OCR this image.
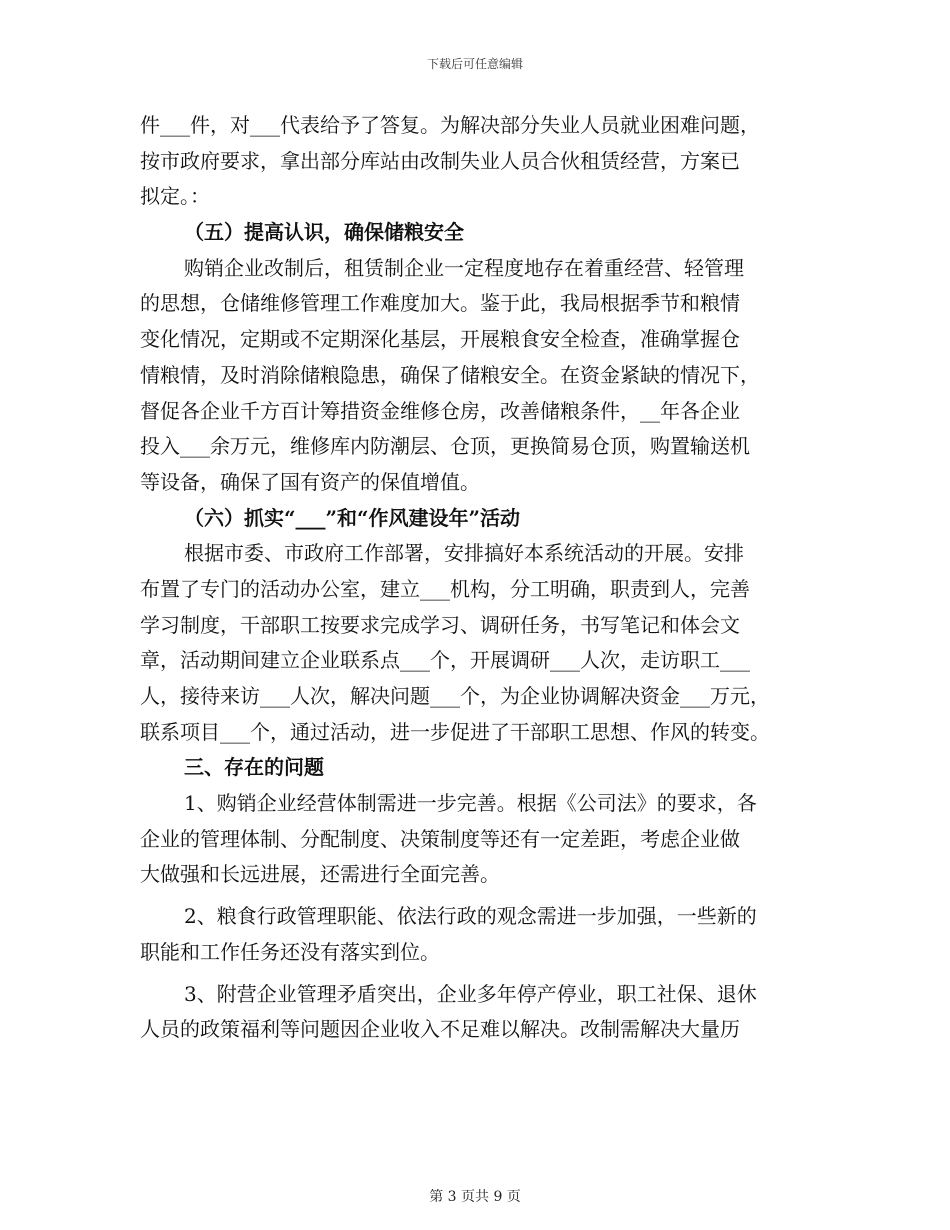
下载后可任意编辑
件___件，对___代表给予了答复。为解决部分失业人员就业困难问题，
按市政府要求，拿出部分库站由改制失业人员合伙租赁经营，方案已
拟定。：
（五）提高认识，确保储粮安全
购销企业改制后，租赁制企业一定程度地存在着重经营、轻管理
的思想，仓储维修管理工作难度加大。鉴于此，我局根据季节和粮情
变化情况，定期或不定期深化基层，开展粮食安全检查，准确掌握仓
情粮情，及时消除储粮隐患，确保了储粮安全。在资金紧缺的情况下，
督促各企业千方百计筹措资金维修仓房，改善储粮条件，__年各企业
投入___余万元，维修库内防潮层、仓顶，更换简易仓顶，购置输送机
等设备，确保了国有资产的保值增值。
（六）抓实“___”和“作风建设年”活动
根据市委、市政府工作部署，安排搞好本系统活动的开展。安排
布置了专门的活动办公室，建立___机构，分工明确，职责到人，完善
学习制度，干部职工按要求完成学习、调研任务，书写笔记和体会文
章，活动期间建立企业联系点___个，开展调研___人次，走访职工___
人，接待来访___人次，解决问题___个，为企业协调解决资金___万元，
联系项目___个，通过活动，进一步促进了干部职工思想、作风的转变。
三、存在的问题
1、购销企业经营体制需进一步完善。根据《公司法》的要求，各
企业的管理体制、分配制度、决策制度等还有一定差距，考虑企业做
大做强和长远进展，还需进行全面完善。
2、粮食行政管理职能、依法行政的观念需进一步加强，一些新的
职能和工作任务还没有落实到位。
3、附营企业管理矛盾突出，企业多年停产停业，职工社保、退休
人员的政策福利等问题因企业收入不足难以解决。改制需解决大量历
第 3 页共 9 页
